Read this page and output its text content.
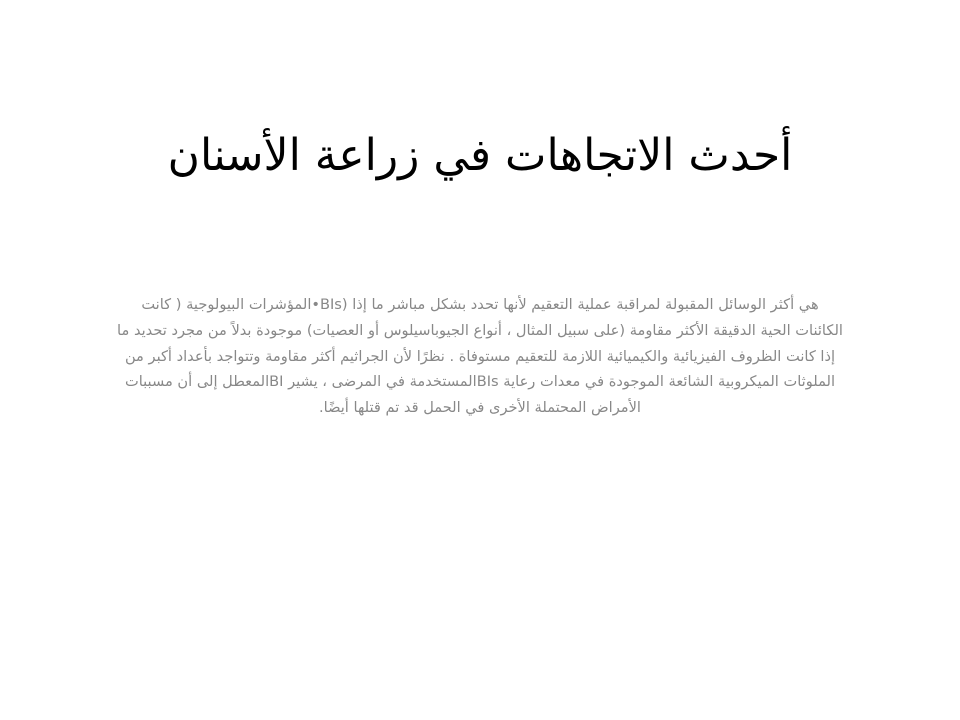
أحدث الاتجاهات في زراعة الأسنان

هي أكثر الوسائل المقبولة لمراقبة عملية التعقيم لأنها تحدد بشكل مباشر ما إذا (BIs•المؤشرات البيولوجية ( كانت الكائنات الحية الدقيقة الأكثر مقاومة (على سبيل المثال ، أنواع الجيوباسيلوس أو العصيات) موجودة بدلاً من مجرد تحديد ما إذا كانت الظروف الفيزيائية والكيميائية اللازمة للتعقيم مستوفاة . نظرًا لأن الجراثيم أكثر مقاومة وتتواجد بأعداد أكبر من الملوثات الميكروبية الشائعة الموجودة في معدات رعاية BIsالمستخدمة في المرضى ، يشير BIالمعطل إلى أن مسببات الأمراض المحتملة الأخرى في الحمل قد تم قتلها أيضًا.
